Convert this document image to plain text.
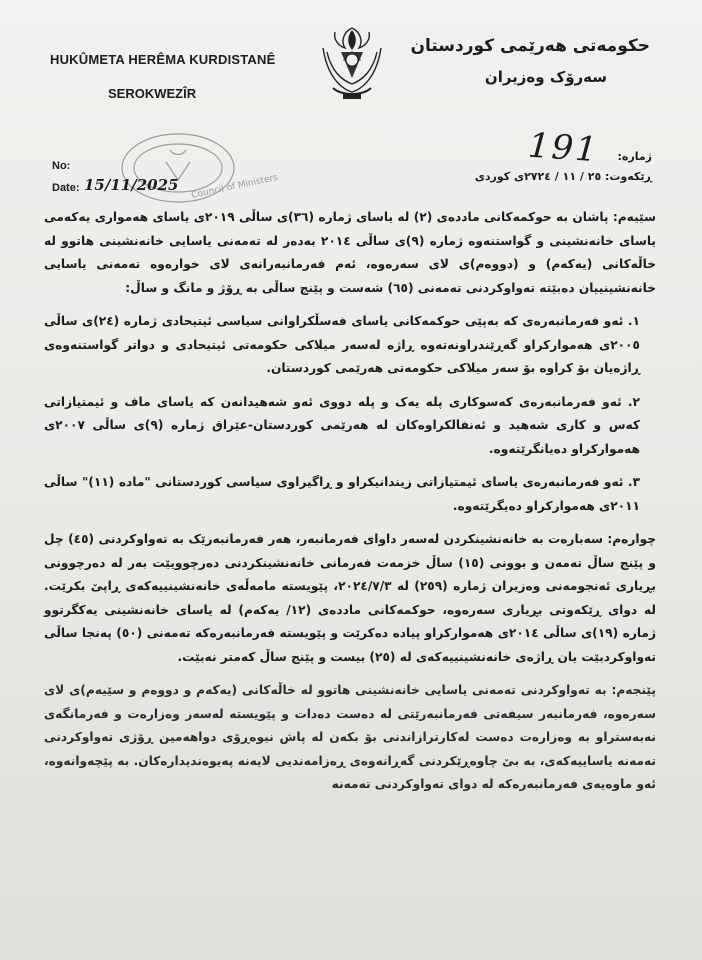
HUKÛMETA HERÊMA KURDISTANÊ
SEROKWEZÎR
حکومەتی هەرێمی کوردستان
سەرۆک وەزیران
Council of Ministers
No:
Date: 15/11/2025
ژمارە:
191
ڕێکەوت: ٢٥ / ١١ / ٢٧٢٤ی کوردی

سێیەم: پاشان بە حوکمەکانی ماددەی (٢) لە یاسای ژمارە (٣٦)ی ساڵی ٢٠١٩ی یاسای هەمواری یەکەمی یاسای خانەنشینی و گواستنەوە ژمارە (٩)ی ساڵی ٢٠١٤ بەدەر لە تەمەنی یاسایی خانەنشینی هاتوو لە خاڵەکانی (یەکەم) و (دووەم)ی لای سەرەوە، ئەم فەرمانبەرانەی لای خوارەوە تەمەنی یاسایی خانەنشینییان دەبێتە تەواوکردنی تەمەنی (٦٥) شەست و پێنج ساڵی بە ڕۆژ و مانگ و ساڵ:

١. ئەو فەرمانبەرەی کە بەپێی حوکمەکانی یاسای فەسڵکراوانی سیاسی ئیتیحادی ژمارە (٢٤)ی ساڵی ٢٠٠٥ی هەموارکراو گەڕێندراونەتەوە ڕاژە لەسەر میلاکی حکومەتی ئیتیحادی و دواتر گواستنەوەی ڕاژەیان بۆ کراوە بۆ سەر میلاکی حکومەتی هەرێمی کوردستان.

٢. ئەو فەرمانبەرەی کەسوکاری پلە یەک و پلە دووی ئەو شەهیدانەن کە یاسای ماف و ئیمتیازاتی کەس و کاری شەهید و ئەنفالکراوەکان لە هەرێمی کوردستان-عێراق ژمارە (٩)ی ساڵی ٢٠٠٧ی هەموارکراو دەیانگرێتەوە.

٣. ئەو فەرمانبەرەی یاسای ئیمتیازاتی زیندانیکراو و ڕاگیراوی سیاسی کوردستانی "مادە (١١)" ساڵی ٢٠١١ی هەموارکراو دەیگرێتەوە.

چوارەم: سەبارەت بە خانەنشینکردن لەسەر داوای فەرمانبەر، هەر فەرمانبەرێک بە تەواوکردنی (٤٥) چل و پێنج ساڵ تەمەن و بوونی (١٥) ساڵ خزمەت فەرمانی خانەنشینکردنی دەرچوویێت بەر لە دەرچوونی بڕیاری ئەنجومەنی وەزیران ژمارە (٢٥٩) لە ٢٠٢٤/٧/٣، پێویستە مامەڵەی خانەنشینییەکەی ڕاپێ بکرێت. لە دوای ڕێکەوتی بڕیاری سەرەوە، حوکمەکانی ماددەی (١٢/ یەکەم) لە یاسای خانەنشینی یەکگرتوو ژمارە (١٩)ی ساڵی ٢٠١٤ی هەموارکراو پیادە دەکرێت و پێویستە فەرمانبەرەکە تەمەنی (٥٠) پەنجا ساڵی تەواوکردبێت یان ڕاژەی خانەنشینییەکەی لە (٢٥) بیست و پێنج ساڵ کەمتر نەبێت.

پێنجەم: بە تەواوکردنی تەمەنی یاسایی خانەنشینی هاتوو لە خاڵەکانی (یەکەم و دووەم و سێیەم)ی لای سەرەوە، فەرمانبەر سیفەتی فەرمانبەرێتی لە دەست دەدات و پێویستە لەسەر وەزارەت و فەرمانگەی نەبەستراو بە وەزارەت دەست لەکارترازاندنی بۆ بکەن لە پاش نیوەڕۆی دواهەمین ڕۆژی تەواوکردنی تەمەنە یاساییەکەی، بە بێ چاوەڕێکردنی گەڕانەوەی ڕەزامەندیی لایەنە پەیوەندیدارەکان. بە پێچەوانەوە، ئەو ماوەیەی فەرمانبەرەکە لە دوای تەواوکردنی تەمەنە
